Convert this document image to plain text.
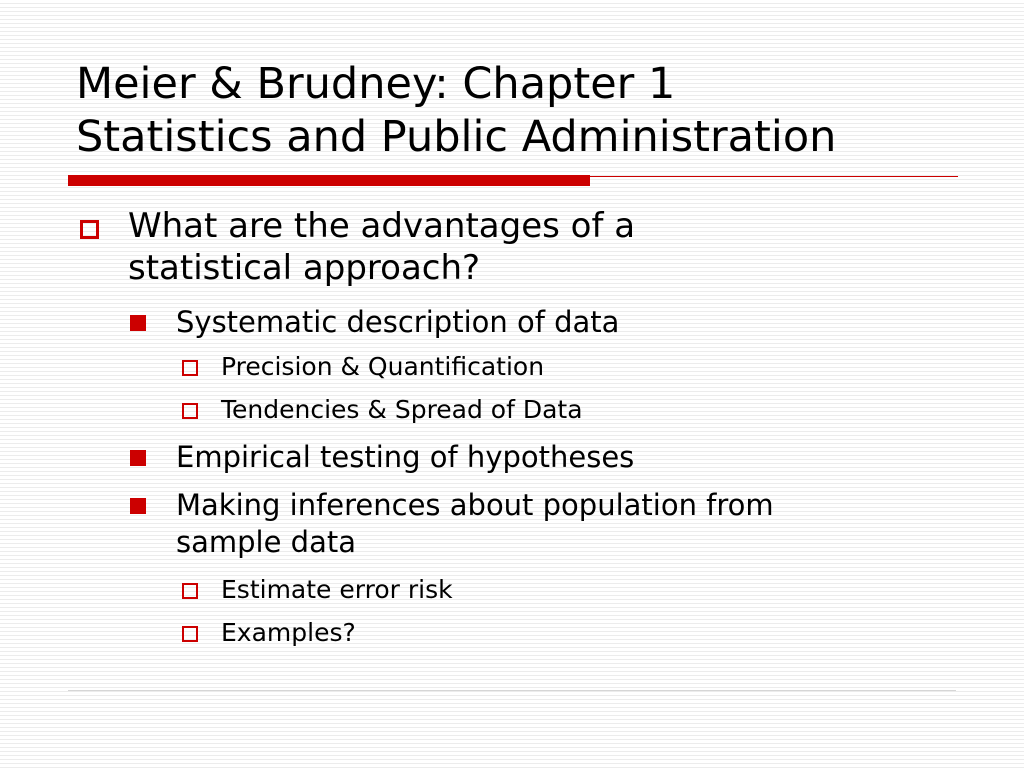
Meier & Brudney: Chapter 1
Statistics and Public Administration
What are the advantages of a
statistical approach?
Systematic description of data
Precision & Quantification
Tendencies & Spread of Data
Empirical testing of hypotheses
Making inferences about population from
sample data
Estimate error risk
Examples?
